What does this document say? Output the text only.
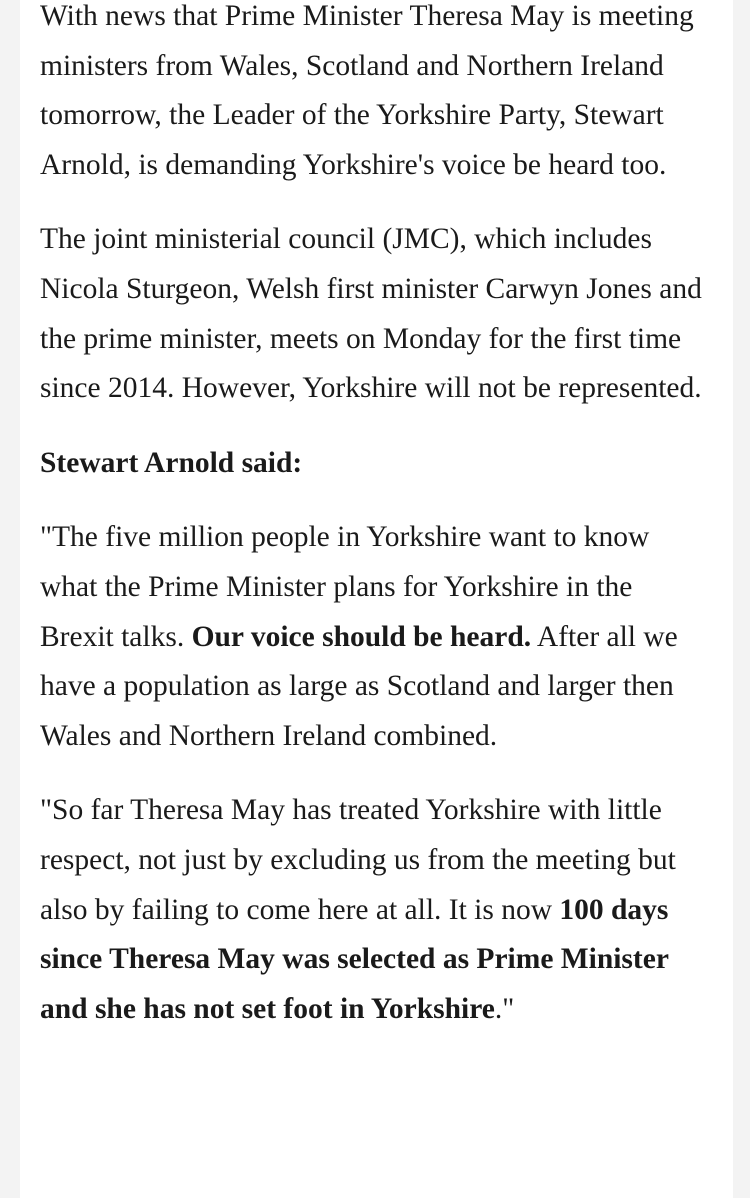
With news that Prime Minister Theresa May is meeting ministers from Wales, Scotland and Northern Ireland tomorrow, the Leader of the Yorkshire Party, Stewart Arnold, is demanding Yorkshire's voice be heard too.

The joint ministerial council (JMC), which includes Nicola Sturgeon, Welsh first minister Carwyn Jones and the prime minister, meets on Monday for the first time since 2014. However, Yorkshire will not be represented.

Stewart Arnold said:

"The five million people in Yorkshire want to know what the Prime Minister plans for Yorkshire in the Brexit talks. Our voice should be heard. After all we have a population as large as Scotland and larger then Wales and Northern Ireland combined.

"So far Theresa May has treated Yorkshire with little respect, not just by excluding us from the meeting but also by failing to come here at all. It is now 100 days since Theresa May was selected as Prime Minister and she has not set foot in Yorkshire."
